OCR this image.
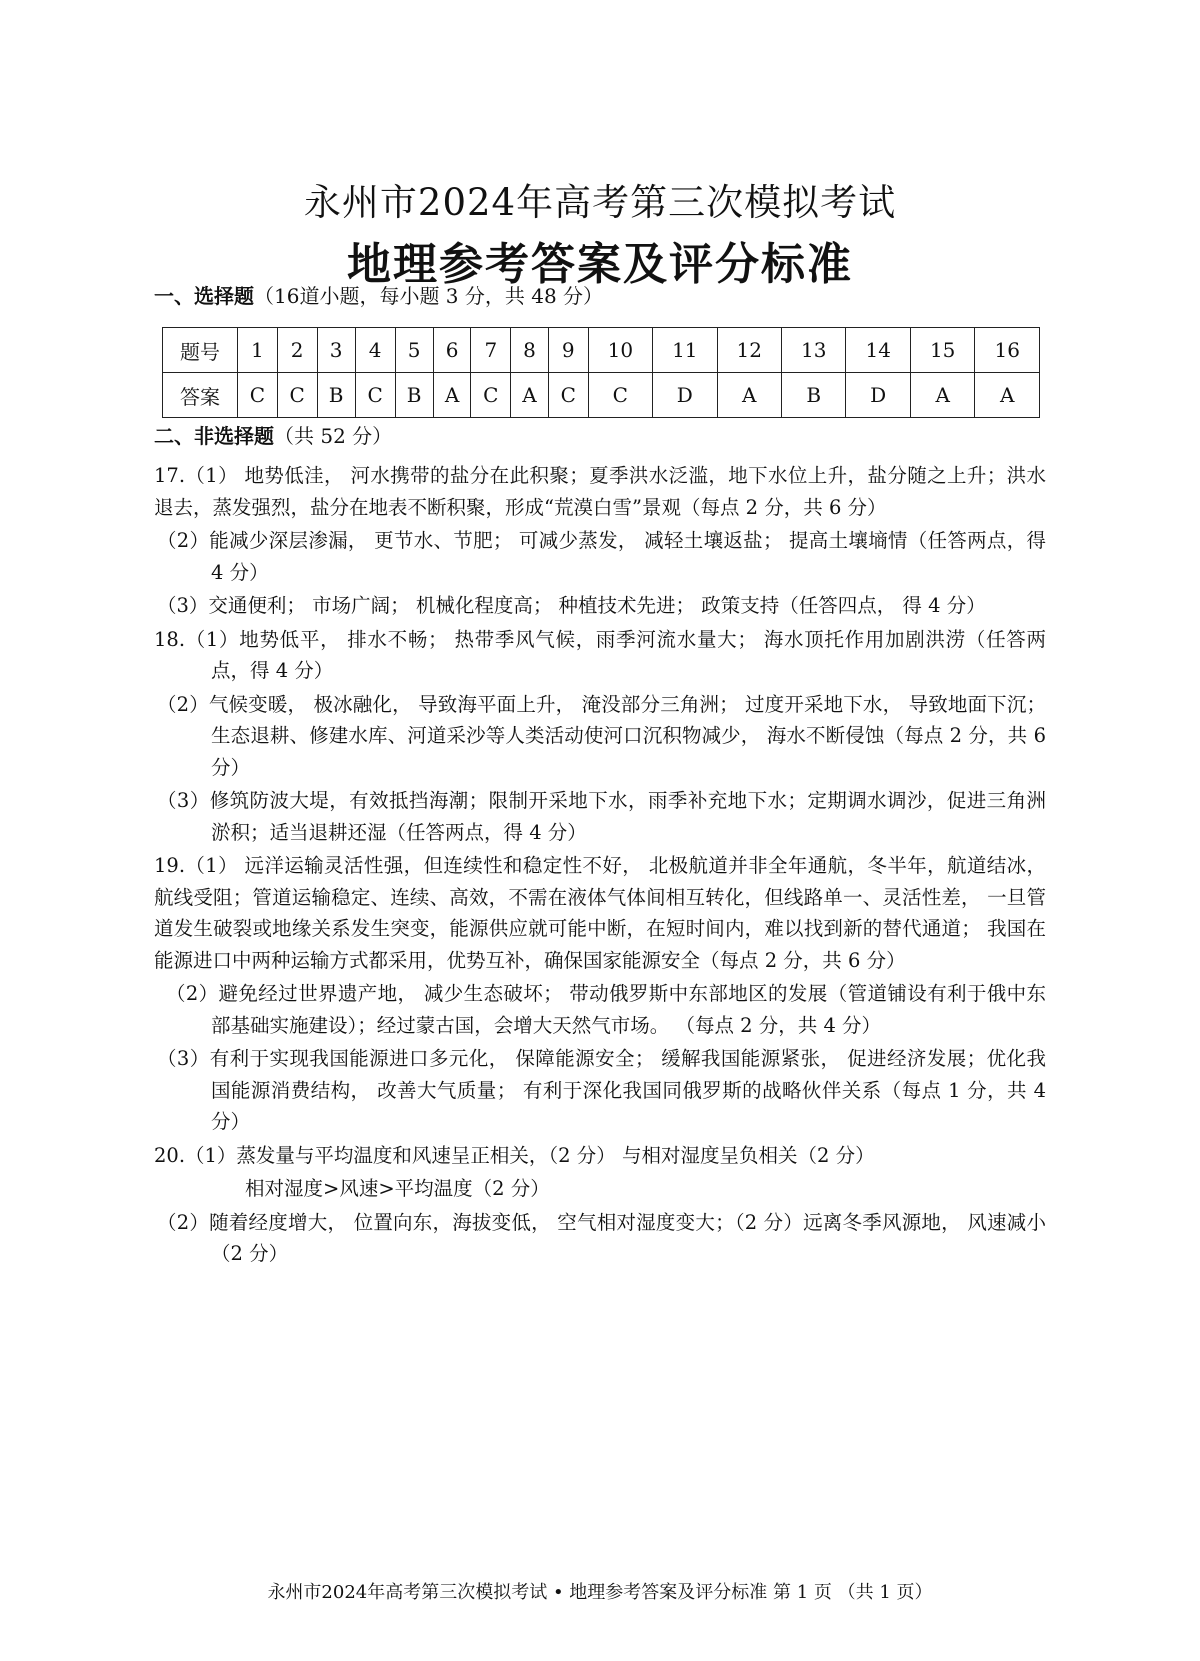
永州市2024年高考第三次模拟考试
地理参考答案及评分标准
一、选择题（16道小题，每小题 3 分，共 48 分）
题号	1	2	3	4	5	6	7	8	9	10	11	12	13	14	15	16
答案	C	C	B	C	B	A	C	A	C	C	D	A	B	D	A	A
二、非选择题（共 52 分）
17.（1） 地势低洼， 河水携带的盐分在此积聚；夏季洪水泛滥，地下水位上升，盐分随之上升；洪水退去，蒸发强烈，盐分在地表不断积聚，形成“荒漠白雪”景观（每点 2 分，共 6 分）
（2）能减少深层渗漏， 更节水、节肥； 可减少蒸发， 减轻土壤返盐； 提高土壤墒情（任答两点，得 4 分）
（3）交通便利； 市场广阔； 机械化程度高； 种植技术先进； 政策支持（任答四点， 得 4 分）
18.（1）地势低平， 排水不畅； 热带季风气候，雨季河流水量大； 海水顶托作用加剧洪涝（任答两点，得 4 分）
（2）气候变暖， 极冰融化， 导致海平面上升， 淹没部分三角洲； 过度开采地下水， 导致地面下沉； 生态退耕、修建水库、河道采沙等人类活动使河口沉积物减少， 海水不断侵蚀（每点 2 分，共 6 分）
（3）修筑防波大堤，有效抵挡海潮；限制开采地下水，雨季补充地下水；定期调水调沙，促进三角洲淤积；适当退耕还湿（任答两点，得 4 分）
19.（1） 远洋运输灵活性强，但连续性和稳定性不好， 北极航道并非全年通航，冬半年，航道结冰，航线受阻；管道运输稳定、连续、高效，不需在液体气体间相互转化，但线路单一、灵活性差， 一旦管道发生破裂或地缘关系发生突变，能源供应就可能中断，在短时间内，难以找到新的替代通道； 我国在能源进口中两种运输方式都采用，优势互补，确保国家能源安全（每点 2 分，共 6 分）
（2）避免经过世界遗产地， 减少生态破坏； 带动俄罗斯中东部地区的发展（管道铺设有利于俄中东部基础实施建设）；经过蒙古国，会增大天然气市场。 （每点 2 分，共 4 分）
（3）有利于实现我国能源进口多元化， 保障能源安全； 缓解我国能源紧张， 促进经济发展；优化我国能源消费结构， 改善大气质量； 有利于深化我国同俄罗斯的战略伙伴关系（每点 1 分，共 4 分）
20.（1）蒸发量与平均温度和风速呈正相关，（2 分） 与相对湿度呈负相关（2 分）
相对湿度>风速>平均温度（2 分）
（2）随着经度增大， 位置向东，海拔变低， 空气相对湿度变大；（2 分）远离冬季风源地， 风速减小（2 分）
永州市2024年高考第三次模拟考试 • 地理参考答案及评分标准 第 1 页 （共 1 页）
